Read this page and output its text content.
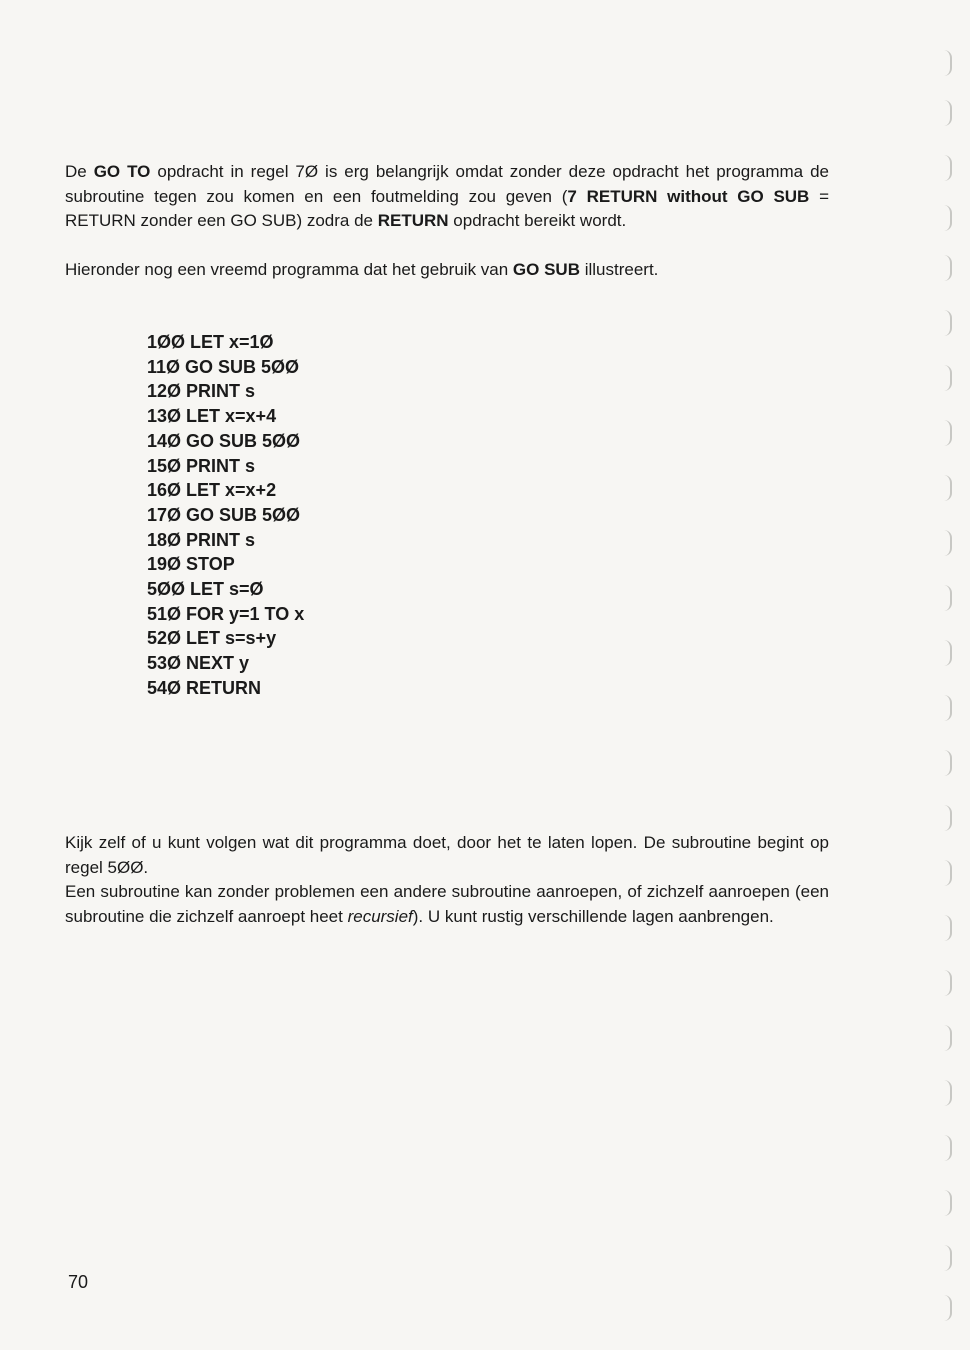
De GO TO opdracht in regel 7Ø is erg belangrijk omdat zonder deze opdracht het programma de subroutine tegen zou komen en een foutmelding zou geven (7 RETURN without GO SUB = RETURN zonder een GO SUB) zodra de RETURN opdracht bereikt wordt.

Hieronder nog een vreemd programma dat het gebruik van GO SUB illustreert.

1ØØ LET x=1Ø
11Ø GO SUB 5ØØ
12Ø PRINT s
13Ø LET x=x+4
14Ø GO SUB 5ØØ
15Ø PRINT s
16Ø LET x=x+2
17Ø GO SUB 5ØØ
18Ø PRINT s
19Ø STOP
5ØØ LET s=Ø
51Ø FOR y=1 TO x
52Ø LET s=s+y
53Ø NEXT y
54Ø RETURN

Kijk zelf of u kunt volgen wat dit programma doet, door het te laten lopen. De subroutine begint op regel 5ØØ.

Een subroutine kan zonder problemen een andere subroutine aanroepen, of zichzelf aanroepen (een subroutine die zichzelf aanroept heet recursief). U kunt rustig verschillende lagen aanbrengen.

70
